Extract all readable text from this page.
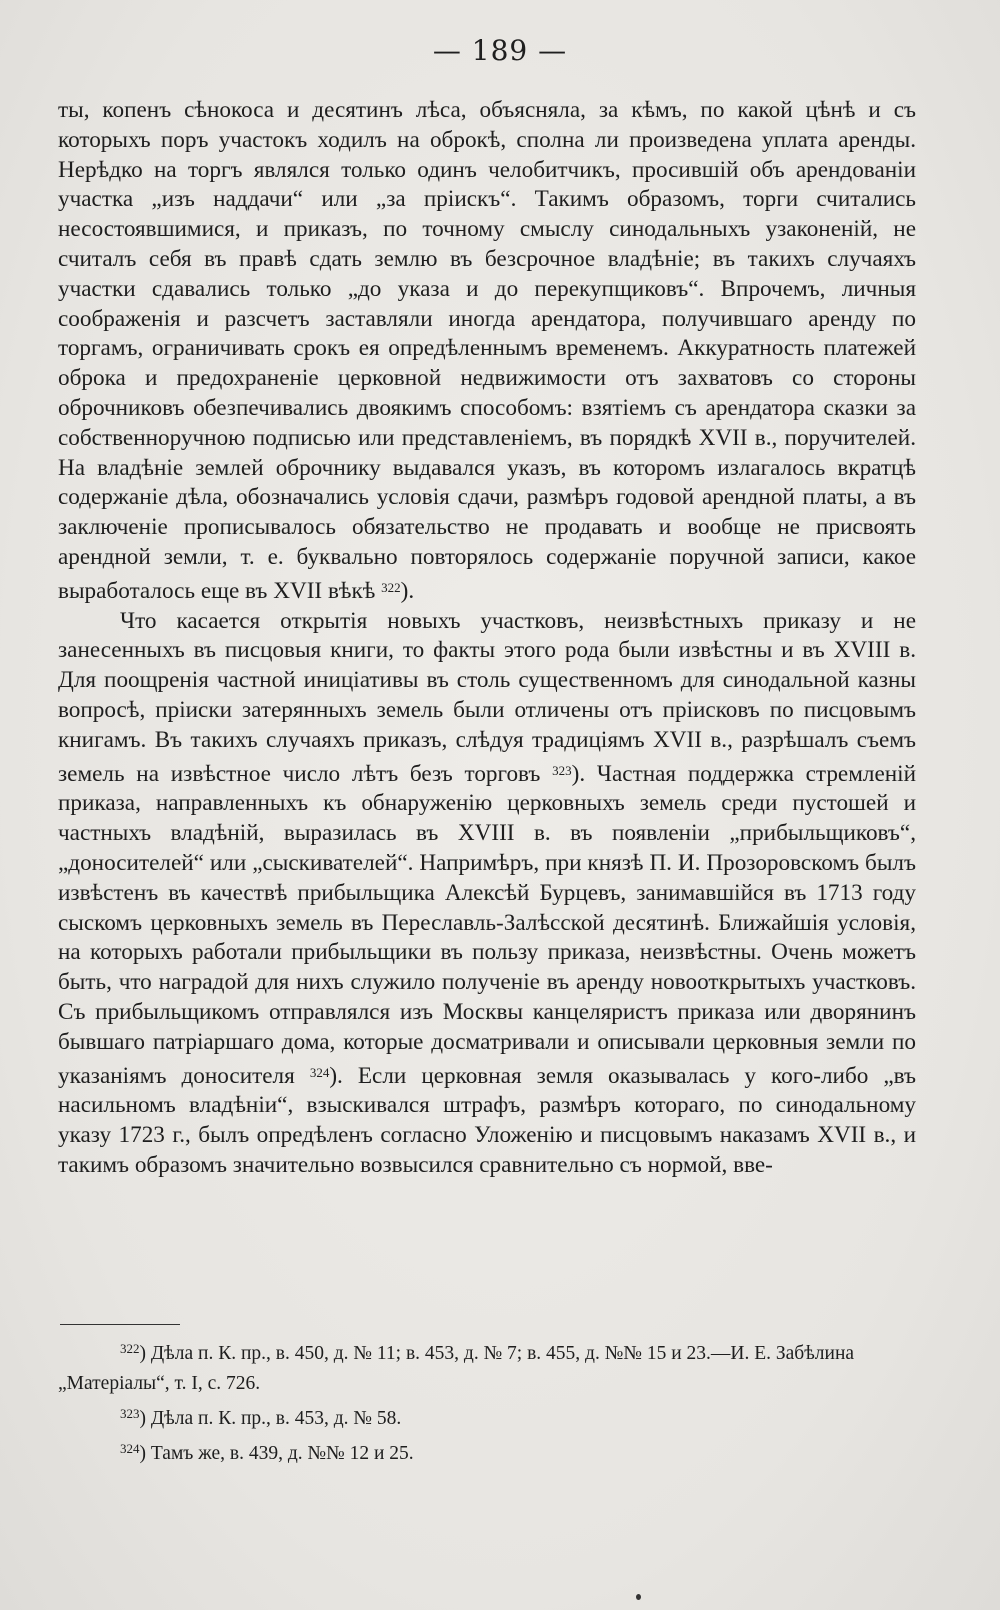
— 189 —

ты, копенъ сѣнокоса и десятинъ лѣса, объясняла, за кѣмъ, по какой цѣнѣ и съ которыхъ поръ участокъ ходилъ на оброкѣ, сполна ли произведена уплата аренды. Нерѣдко на торгъ являлся только одинъ челобитчикъ, просившій объ арендованіи участка „изъ наддачи“ или „за пріискъ“. Такимъ образомъ, торги считались несостоявшимися, и приказъ, по точному смыслу синодальныхъ узаконеній, не считалъ себя въ правѣ сдать землю въ безсрочное владѣніе; въ такихъ случаяхъ участки сдавались только „до указа и до перекупщиковъ“. Впрочемъ, личныя соображенія и разсчетъ заставляли иногда арендатора, получившаго аренду по торгамъ, ограничивать срокъ ея опредѣленнымъ временемъ. Аккуратность платежей оброка и предохраненіе церковной недвижимости отъ захватовъ со стороны оброчниковъ обезпечивались двоякимъ способомъ: взятіемъ съ арендатора сказки за собственноручною подписью или представленіемъ, въ порядкѣ XVII в., поручителей. На владѣніе землей оброчнику выдавался указъ, въ которомъ излагалось вкратцѣ содержаніе дѣла, обозначались условія сдачи, размѣръ годовой арендной платы, а въ заключеніе прописывалось обязательство не продавать и вообще не присвоять арендной земли, т. е. буквально повторялось содержаніе поручной записи, какое выработалось еще въ XVII вѣкѣ $^{322}$).

Что касается открытія новыхъ участковъ, неизвѣстныхъ приказу и не занесенныхъ въ писцовыя книги, то факты этого рода были извѣстны и въ XVIII в. Для поощренія частной иниціативы въ столь существенномъ для синодальной казны вопросѣ, пріиски затерянныхъ земель были отличены отъ пріисковъ по писцовымъ книгамъ. Въ такихъ случаяхъ приказъ, слѣдуя традиціямъ XVII в., разрѣшалъ съемъ земель на извѣстное число лѣтъ безъ торговъ $^{323}$). Частная поддержка стремленій приказа, направленныхъ къ обнаруженію церковныхъ земель среди пустошей и частныхъ владѣній, выразилась въ XVIII в. въ появленіи „прибыльщиковъ“, „доносителей“ или „сыскивателей“. Напримѣръ, при князѣ П. И. Прозоровскомъ былъ извѣстенъ въ качествѣ прибыльщика Алексѣй Бурцевъ, занимавшійся въ 1713 году сыскомъ церковныхъ земель въ Переславль-Залѣсской десятинѣ. Ближайшія условія, на которыхъ работали прибыльщики въ пользу приказа, неизвѣстны. Очень можетъ быть, что наградой для нихъ служило полученіе въ аренду новооткрытыхъ участковъ. Съ прибыльщикомъ отправлялся изъ Москвы канцеляристъ приказа или дворянинъ бывшаго патріаршаго дома, которые досматривали и описывали церковныя земли по указаніямъ доносителя $^{324}$). Если церковная земля оказывалась у кого-либо „въ насильномъ владѣніи“, взыскивался штрафъ, размѣръ котораго, по синодальному указу 1723 г., былъ опредѣленъ согласно Уложенію и писцовымъ наказамъ XVII в., и такимъ образомъ значительно возвысился сравнительно съ нормой, вве-

$^{322}$) Дѣла п. К. пр., в. 450, д. № 11; в. 453, д. № 7; в. 455, д. №№ 15 и 23.—И. Е. Забѣлина „Матеріалы“, т. I, с. 726.

$^{323}$) Дѣла п. К. пр., в. 453, д. № 58.

$^{324}$) Тамъ же, в. 439, д. №№ 12 и 25.
